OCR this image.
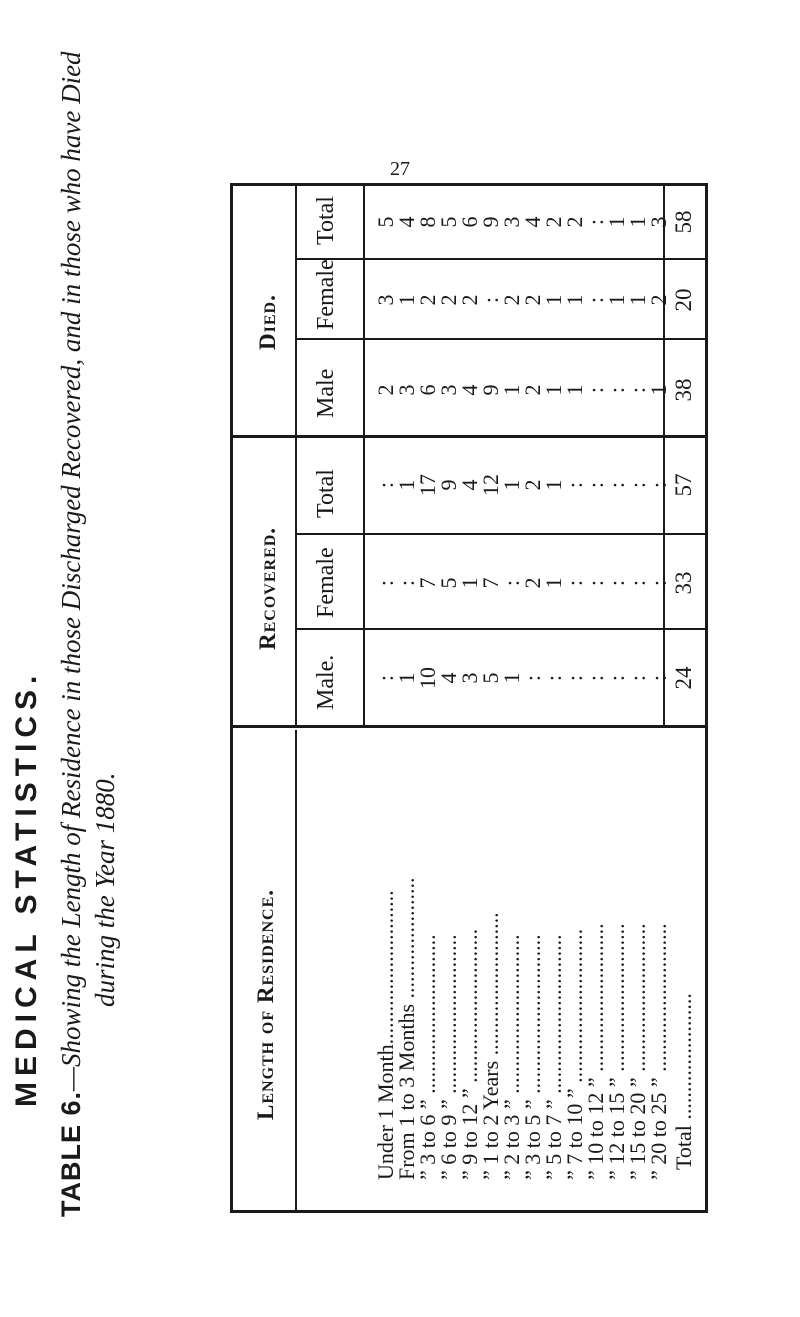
27
MEDICAL STATISTICS.
TABLE 6.—Showing the Length of Residence in those Discharged Recovered, and in those who have Died during the Year 1880.	Length of Residence.
Recovered.
Died.
Male.
Female
Total
Male
Female
Total
Under 1 Month............................
:
:
:
2
3
5
From 1 to 3 Months ......................
1
:
1
3
1
4
” 3 to 6 ” .............................
10
7
17
6
2
8
” 6 to 9 ” .............................
4
5
9
3
2
5
” 9 to 12 ” ............................
3
1
4
4
2
6
” 1 to 2 Years ..........................
5
7
12
9
:
9
” 2 to 3 ” .............................
1
:
1
1
2
3
” 3 to 5 ” .............................
:
2
2
2
2
4
” 5 to 7 ” .............................
:
1
1
1
1
2
” 7 to 10 ” ............................
:
:
:
1
1
2
” 10 to 12 ” ...........................
:
:
:
:
:
:
” 12 to 15 ” ...........................
:
:
:
:
1
1
” 15 to 20 ” ...........................
:
:
:
:
1
1
” 20 to 25 ” ...........................
:
:
:
1
2
3
Total .......................
24
33
57
38
20
58
